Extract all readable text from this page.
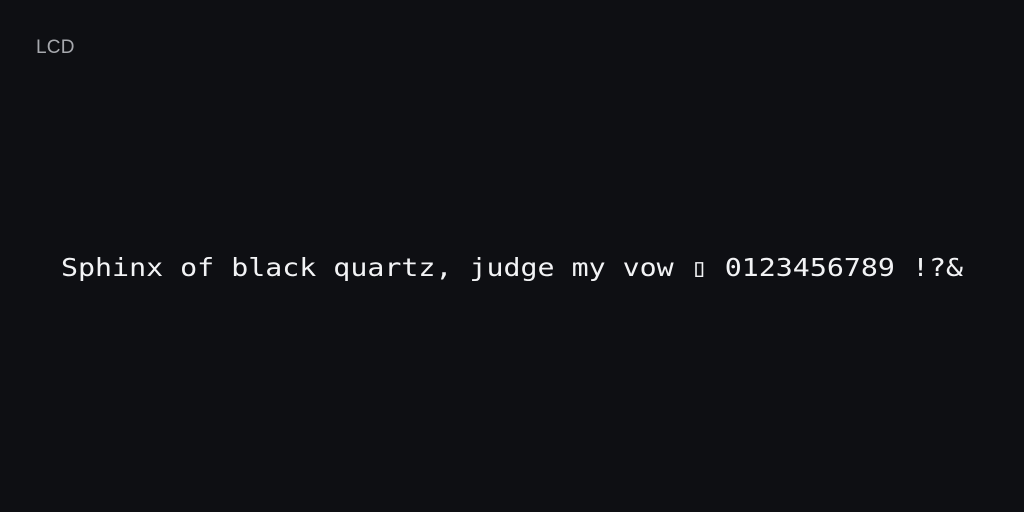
LCD
Sphinx of black quartz, judge my vow ▯ 0123456789 !?&
